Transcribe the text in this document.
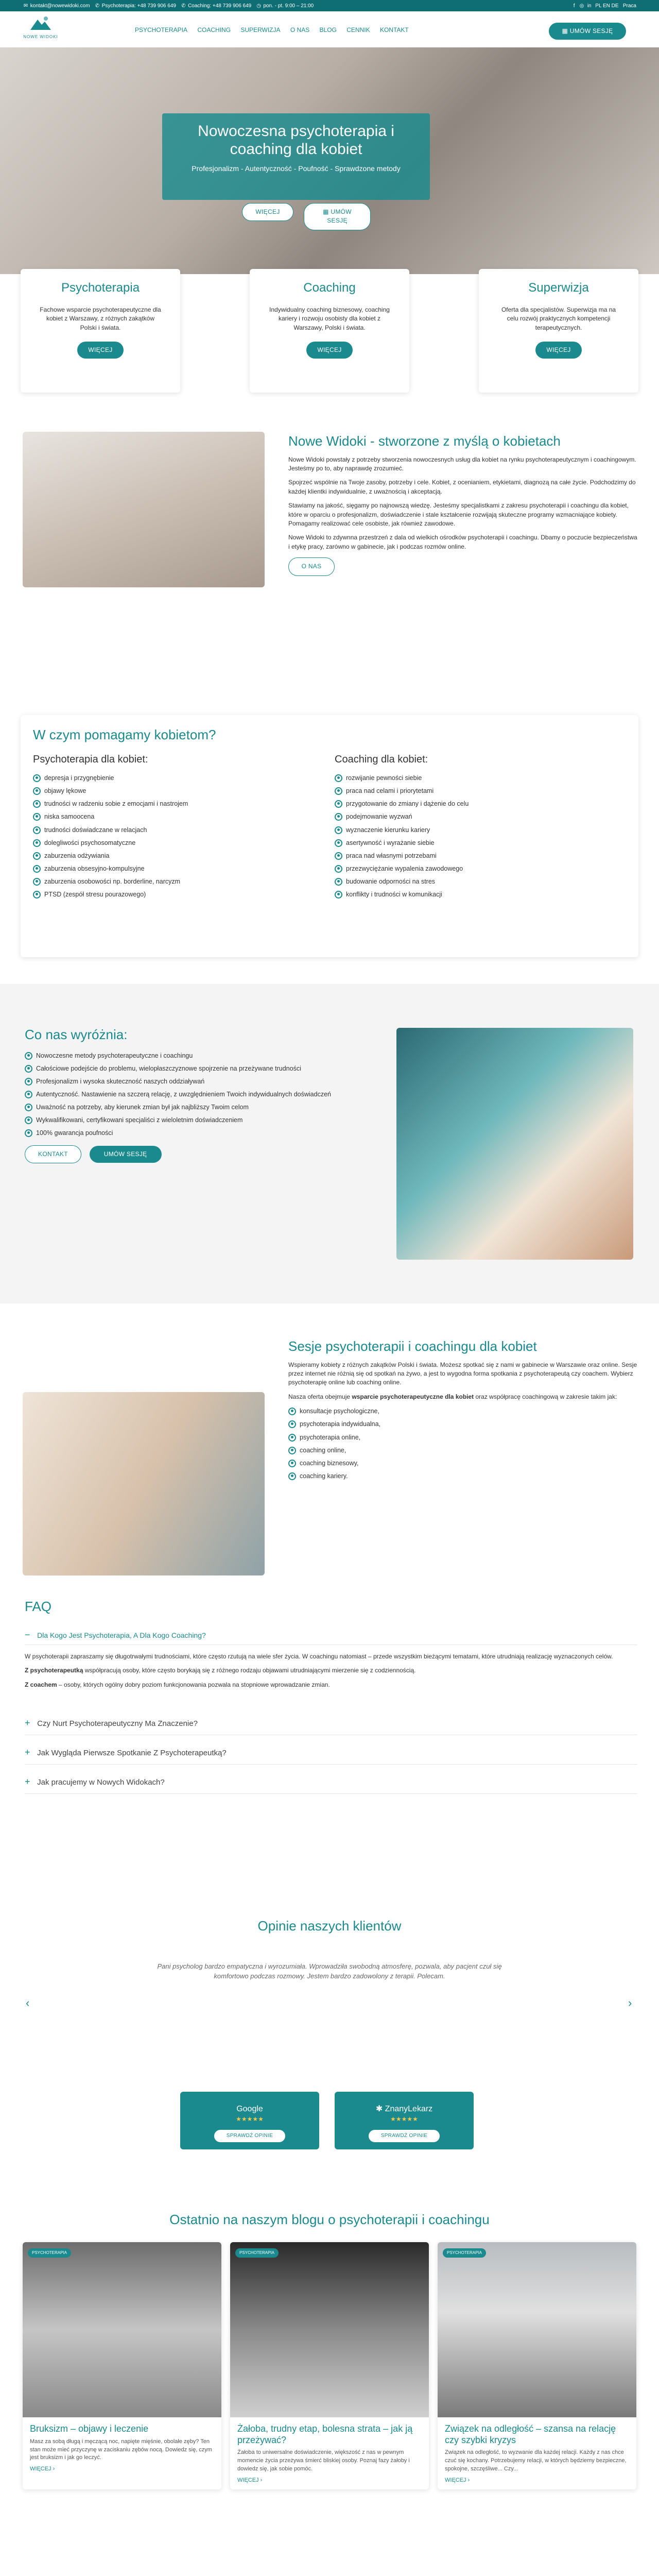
✉ kontakt@nowewidoki.com ✆ Psychoterapia: +48 739 906 649 ✆ Coaching: +48 739 906 649 ◷ pon. - pt. 9:00 – 21:00	f ◎ in PL EN DE Praca
NOWE WIDOKI
PSYCHOTERAPIA COACHING SUPERWIZJA O NAS BLOG CENNIK KONTAKT	▦ UMÓW SESJĘ
Nowoczesna psychoterapia i coaching dla kobiet
Profesjonalizm - Autentyczność - Poufność - Sprawdzone metody
WIĘCEJ	▦ UMÓW SESJĘ
Psychoterapia
Fachowe wsparcie psychoterapeutyczne dla kobiet z Warszawy, z różnych zakątków Polski i świata.
WIĘCEJ
Coaching
Indywidualny coaching biznesowy, coaching kariery i rozwoju osobisty dla kobiet z Warszawy, Polski i świata.
WIĘCEJ
Superwizja
Oferta dla specjalistów. Superwizja ma na celu rozwój praktycznych kompetencji terapeutycznych.
WIĘCEJ
Nowe Widoki - stworzone z myślą o kobietach

Nowe Widoki powstały z potrzeby stworzenia nowoczesnych usług dla kobiet na rynku psychoterapeutycznym i coachingowym. Jesteśmy po to, aby naprawdę zrozumieć.

Spojrzeć wspólnie na Twoje zasoby, potrzeby i cele. Kobiet, z ocenianiem, etykietami, diagnozą na całe życie. Podchodzimy do każdej klientki indywidualnie, z uważnością i akceptacją.

Stawiamy na jakość, sięgamy po najnowszą wiedzę. Jesteśmy specjalistkami z zakresu psychoterapii i coachingu dla kobiet, które w oparciu o profesjonalizm, doświadczenie i stale kształcenie rozwijają skuteczne programy wzmacniające kobiety. Pomagamy realizować cele osobiste, jak również zawodowe.

Nowe Widoki to zdywnna przestrzeń z dala od wielkich ośrodków psychoterapii i coachingu. Dbamy o poczucie bezpieczeństwa i etykę pracy, zarówno w gabinecie, jak i podczas rozmów online.

O NAS
W czym pomagamy kobietom?
Psychoterapia dla kobiet:
depresja i przygnębienie
objawy lękowe
trudności w radzeniu sobie z emocjami i nastrojem
niska samoocena
trudności doświadczane w relacjach
dolegliwości psychosomatyczne
zaburzenia odżywiania
zaburzenia obsesyjno-kompulsyjne
zaburzenia osobowości np. borderline, narcyzm
PTSD (zespół stresu pourazowego)
Coaching dla kobiet:
rozwijanie pewności siebie
praca nad celami i priorytetami
przygotowanie do zmiany i dążenie do celu
podejmowanie wyzwań
wyznaczenie kierunku kariery
asertywność i wyrażanie siebie
praca nad własnymi potrzebami
przezwyciężanie wypalenia zawodowego
budowanie odporności na stres
konflikty i trudności w komunikacji
Co nas wyróżnia:
Nowoczesne metody psychoterapeutyczne i coachingu
Całościowe podejście do problemu, wielopłaszczyznowe spojrzenie na przeżywane trudności
Profesjonalizm i wysoka skuteczność naszych oddziaływań
Autentyczność. Nastawienie na szczerą relację, z uwzględnieniem Twoich indywidualnych doświadczeń
Uważność na potrzeby, aby kierunek zmian był jak najbliższy Twoim celom
Wykwalifikowani, certyfikowani specjaliści z wieloletnim doświadczeniem
100% gwarancja poufności
KONTAKT	UMÓW SESJĘ
Sesje psychoterapii i coachingu dla kobiet

Wspieramy kobiety z różnych zakątków Polski i świata. Możesz spotkać się z nami w gabinecie w Warszawie oraz online. Sesje przez internet nie różnią się od spotkań na żywo, a jest to wygodna forma spotkania z psychoterapeutą czy coachem. Wybierz psychoterapię online lub coaching online.

Nasza oferta obejmuje wsparcie psychoterapeutyczne dla kobiet oraz współpracę coachingową w zakresie takim jak:

konsultacje psychologiczne,
psychoterapia indywidualna,
psychoterapia online,
coaching online,
coaching biznesowy,
coaching kariery.
FAQ
− Dla Kogo Jest Psychoterapia, A Dla Kogo Coaching?

W psychoterapii zapraszamy się długotrwałymi trudnościami, które często rzutują na wiele sfer życia. W coachingu natomiast – przede wszystkim bieżącymi tematami, które utrudniają realizację wyznaczonych celów.

Z psychoterapeutką współpracują osoby, które często borykają się z różnego rodzaju objawami utrudniającymi mierzenie się z codziennością.

Z coachem – osoby, których ogólny dobry poziom funkcjonowania pozwala na stopniowe wprowadzanie zmian.

+ Czy Nurt Psychoterapeutyczny Ma Znaczenie?
+ Jak Wygląda Pierwsze Spotkanie Z Psychoterapeutką?
+ Jak pracujemy w Nowych Widokach?
Opinie naszych klientów

Pani psycholog bardzo empatyczna i wyrozumiała. Wprowadziła swobodną atmosferę, pozwala, aby pacjent czuł się komfortowo podczas rozmowy. Jestem bardzo zadowolony z terapii. Polecam.

‹	›
Google
★★★★★
SPRAWDŹ OPINIE
✱ ZnanyLekarz
★★★★★
SPRAWDŹ OPINIE
Ostatnio na naszym blogu o psychoterapii i coachingu
PSYCHOTERAPIA
Bruksizm – objawy i leczenie
Masz za sobą długą i męczącą noc, napięte mięśnie, obolałe zęby? Ten stan może mieć przyczynę w zaciskaniu zębów nocą. Dowiedz się, czym jest bruksizm i jak go leczyć.
WIĘCEJ ›
PSYCHOTERAPIA
Żałoba, trudny etap, bolesna strata – jak ją przeżywać?
Żałoba to uniwersalne doświadczenie, większość z nas w pewnym momencie życia przeżywa śmierć bliskiej osoby. Poznaj fazy żałoby i dowiedz się, jak sobie pomóc.
WIĘCEJ ›
PSYCHOTERAPIA
Związek na odległość – szansa na relację czy szybki kryzys
Związek na odległość, to wyzwanie dla każdej relacji. Każdy z nas chce czuć się kochany. Potrzebujemy relacji, w których będziemy bezpieczne, spokojne, szczęśliwe... Czy...
WIĘCEJ ›
